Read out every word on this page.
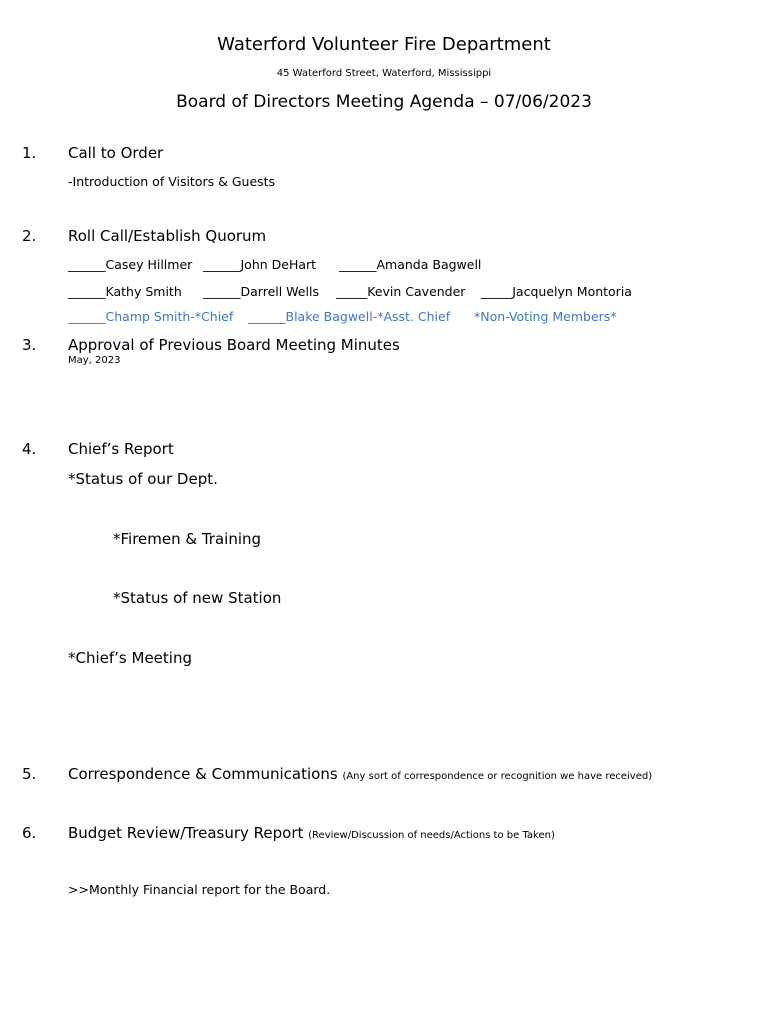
Waterford Volunteer Fire Department
45 Waterford Street, Waterford, Mississippi
Board of Directors Meeting Agenda – 07/06/2023
1. Call to Order
-Introduction of Visitors & Guests
2. Roll Call/Establish Quorum
______Casey Hillmer ______John DeHart ______Amanda Bagwell
______Kathy Smith ______Darrell Wells _____Kevin Cavender _____Jacquelyn Montoria
______Champ Smith-*Chief ______Blake Bagwell-*Asst. Chief *Non-Voting Members*
3. Approval of Previous Board Meeting Minutes
May, 2023
4. Chief’s Report
*Status of our Dept.
*Firemen & Training
*Status of new Station
*Chief’s Meeting
5. Correspondence & Communications (Any sort of correspondence or recognition we have received)
6. Budget Review/Treasury Report (Review/Discussion of needs/Actions to be Taken)
>>Monthly Financial report for the Board.
